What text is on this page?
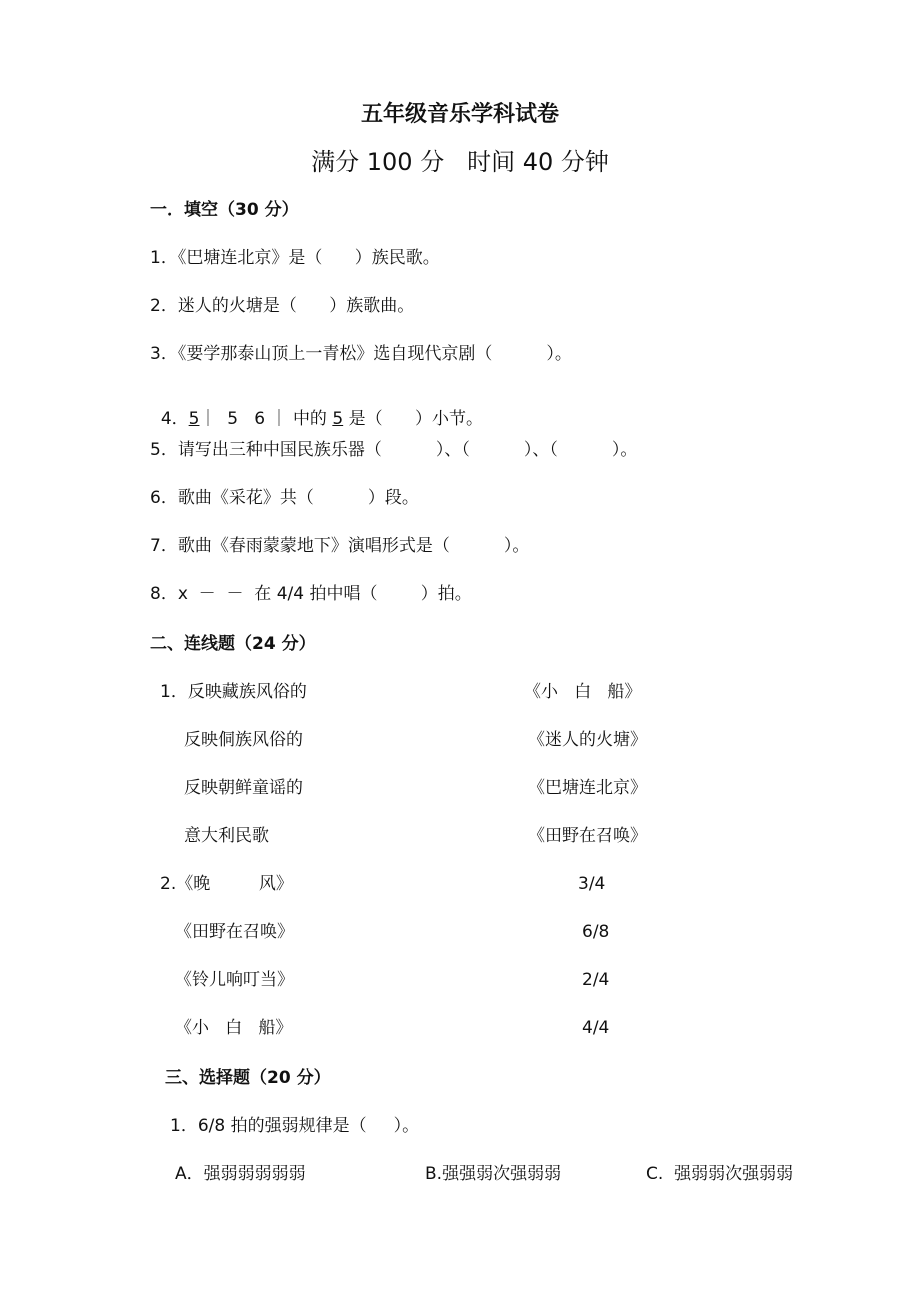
五年级音乐学科试卷
满分 100 分   时间 40 分钟
一．填空（30 分）
1．《巴塘连北京》是（      ）族民歌。
2．迷人的火塘是（      ）族歌曲。
3．《要学那泰山顶上一青松》选自现代京剧（          ）。

4．5｜  5   6 ｜ 中的 5 是（      ）小节。

5．请写出三种中国民族乐器（          ）、（          ）、（          ）。
6．歌曲《采花》共（          ）段。
7．歌曲《春雨蒙蒙地下》演唱形式是（          ）。
8．x  －  －  在 4/4 拍中唱（        ）拍。
二、连线题（24 分）
1．反映藏族风俗的
反映侗族风俗的
反映朝鲜童谣的
意大利民歌
《小   白   船》
《迷人的火塘》
《巴塘连北京》
《田野在召唤》
2.《晚         风》
《田野在召唤》
《铃儿响叮当》
《小   白   船》
3/4
6/8
2/4
4/4
三、选择题（20 分）
1．6/8 拍的强弱规律是（     ）。
A．强弱弱弱弱弱	B.强强弱次强弱弱	C.  强弱弱次强弱弱
